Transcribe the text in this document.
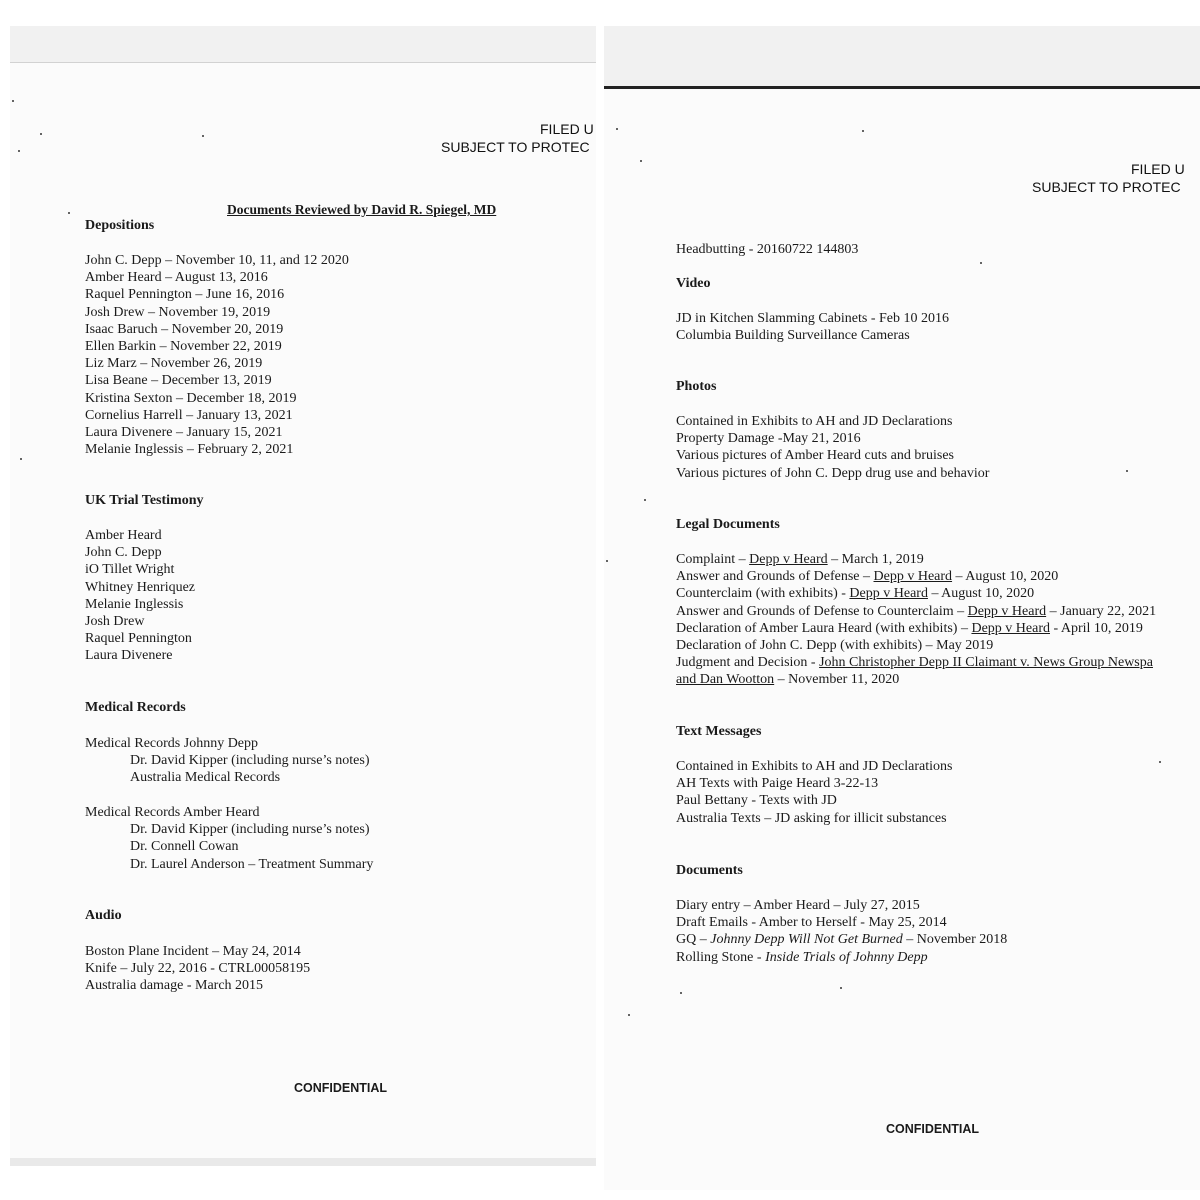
FILED U
SUBJECT TO PROTEC
Documents Reviewed by David R. Spiegel, MD
Depositions
John C. Depp – November 10, 11, and 12 2020
Amber Heard – August 13, 2016
Raquel Pennington – June 16, 2016
Josh Drew – November 19, 2019
Isaac Baruch – November 20, 2019
Ellen Barkin – November 22, 2019
Liz Marz – November 26, 2019
Lisa Beane – December 13, 2019
Kristina Sexton – December 18, 2019
Cornelius Harrell – January 13, 2021
Laura Divenere – January 15, 2021
Melanie Inglessis – February 2, 2021
UK Trial Testimony
Amber Heard
John C. Depp
iO Tillet Wright
Whitney Henriquez
Melanie Inglessis
Josh Drew
Raquel Pennington
Laura Divenere
Medical Records
Medical Records Johnny Depp
Dr. David Kipper (including nurse’s notes)
Australia Medical Records
Medical Records Amber Heard
Dr. David Kipper (including nurse’s notes)
Dr. Connell Cowan
Dr. Laurel Anderson – Treatment Summary
Audio
Boston Plane Incident – May 24, 2014
Knife – July 22, 2016 - CTRL00058195
Australia damage - March 2015
CONFIDENTIAL
FILED U
SUBJECT TO PROTEC
Headbutting - 20160722 144803
Video
JD in Kitchen Slamming Cabinets - Feb 10 2016
Columbia Building Surveillance Cameras
Photos
Contained in Exhibits to AH and JD Declarations
Property Damage -May 21, 2016
Various pictures of Amber Heard cuts and bruises
Various pictures of John C. Depp drug use and behavior
Legal Documents
Complaint – Depp v Heard – March 1, 2019
Answer and Grounds of Defense – Depp v Heard – August 10, 2020
Counterclaim (with exhibits) - Depp v Heard – August 10, 2020
Answer and Grounds of Defense to Counterclaim – Depp v Heard – January 22, 2021
Declaration of Amber Laura Heard (with exhibits) – Depp v Heard - April 10, 2019
Declaration of John C. Depp (with exhibits) – May 2019
Judgment and Decision - John Christopher Depp II Claimant v. News Group Newspa
and Dan Wootton – November 11, 2020
Text Messages
Contained in Exhibits to AH and JD Declarations
AH Texts with Paige Heard 3-22-13
Paul Bettany - Texts with JD
Australia Texts – JD asking for illicit substances
Documents
Diary entry – Amber Heard – July 27, 2015
Draft Emails - Amber to Herself - May 25, 2014
GQ – Johnny Depp Will Not Get Burned – November 2018
Rolling Stone - Inside Trials of Johnny Depp
CONFIDENTIAL
